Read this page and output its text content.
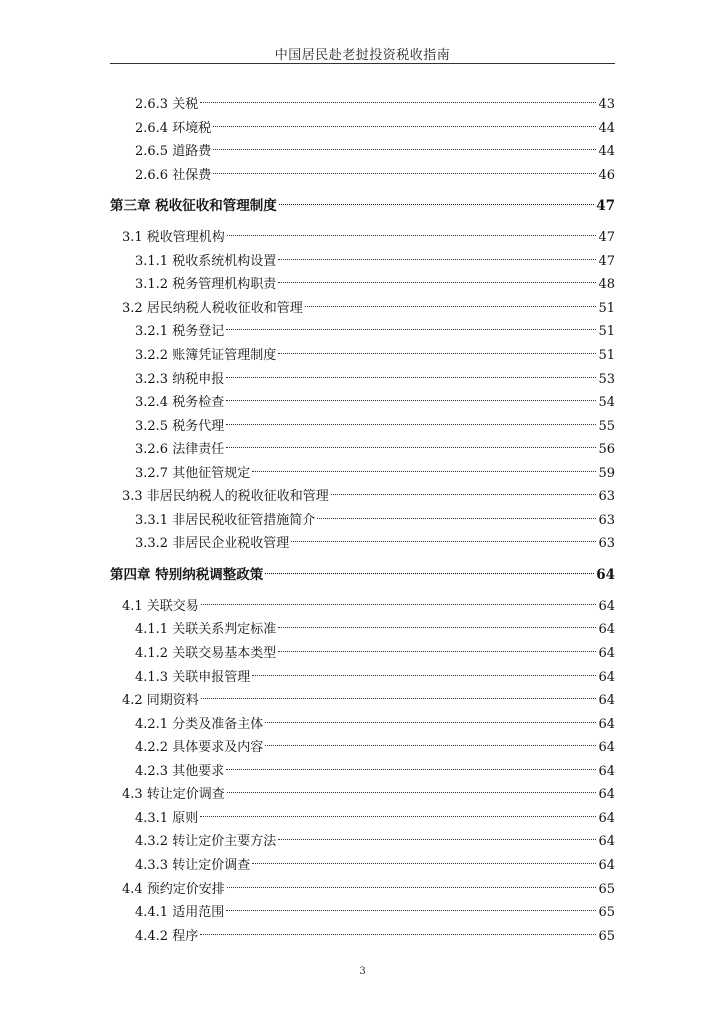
中国居民赴老挝投资税收指南
2.6.3 关税	43
2.6.4 环境税	44
2.6.5 道路费	44
2.6.6 社保费	46
第三章 税收征收和管理制度	47
3.1 税收管理机构	47
3.1.1 税收系统机构设置	47
3.1.2 税务管理机构职责	48
3.2 居民纳税人税收征收和管理	51
3.2.1 税务登记	51
3.2.2 账簿凭证管理制度	51
3.2.3 纳税申报	53
3.2.4 税务检查	54
3.2.5 税务代理	55
3.2.6 法律责任	56
3.2.7 其他征管规定	59
3.3 非居民纳税人的税收征收和管理	63
3.3.1 非居民税收征管措施简介	63
3.3.2 非居民企业税收管理	63
第四章 特别纳税调整政策	64
4.1 关联交易	64
4.1.1 关联关系判定标准	64
4.1.2 关联交易基本类型	64
4.1.3 关联申报管理	64
4.2 同期资料	64
4.2.1 分类及准备主体	64
4.2.2 具体要求及内容	64
4.2.3 其他要求	64
4.3 转让定价调查	64
4.3.1 原则	64
4.3.2 转让定价主要方法	64
4.3.3 转让定价调查	64
4.4 预约定价安排	65
4.4.1 适用范围	65
4.4.2 程序	65
3
